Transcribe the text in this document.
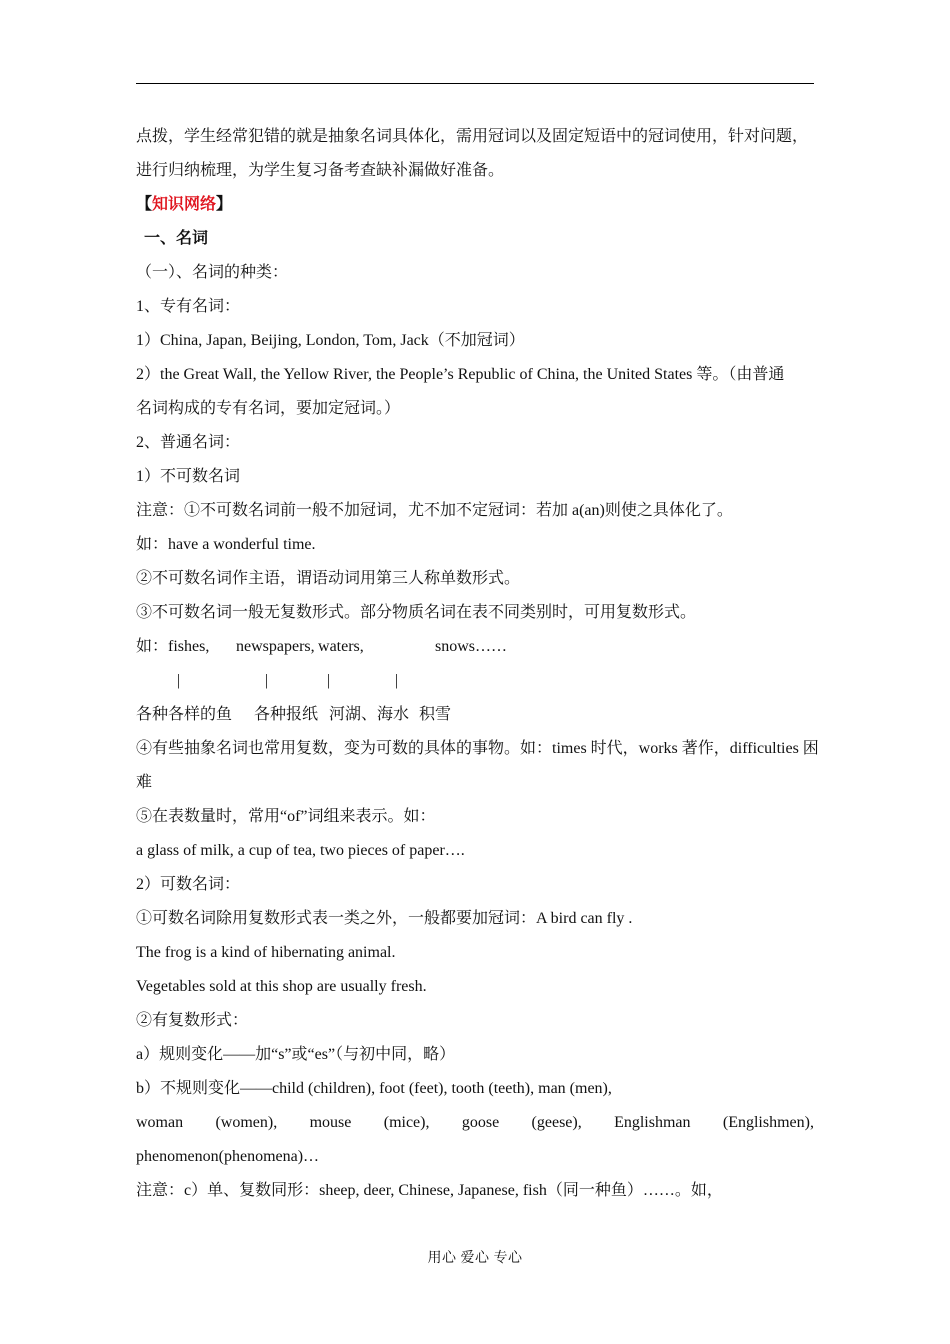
点拨，学生经常犯错的就是抽象名词具体化，需用冠词以及固定短语中的冠词使用，针对问题，

进行归纳梳理，为学生复习备考查缺补漏做好准备。

【知识网络】

一、名词

（一）、名词的种类：

1、专有名词：

1）China, Japan, Beijing, London, Tom, Jack（不加冠词）

2）the Great Wall, the Yellow River, the People’s Republic of China, the United States 等。（由普通

名词构成的专有名词，要加定冠词。）

2、普通名词：

1）不可数名词

注意：①不可数名词前一般不加冠词，尤不加不定冠词：若加 a(an)则使之具体化了。

如：have a wonderful time.

②不可数名词作主语，谓语动词用第三人称单数形式。

③不可数名词一般无复数形式。部分物质名词在表不同类别时，可用复数形式。

如： fishes,	newspapers, waters,	snows……
|	|	|	|
各种各样的鱼	各种报纸 河湖、海水 积雪

④有些抽象名词也常用复数，变为可数的具体的事物。如：times 时代，works 著作，difficulties 困

难

⑤在表数量时，常用“of”词组来表示。如：

a glass of milk, a cup of tea, two pieces of paper….

2）可数名词：

①可数名词除用复数形式表一类之外，一般都要加冠词：A bird can fly .

The frog is a kind of hibernating animal.

Vegetables sold at this shop are usually fresh.

②有复数形式：

a）规则变化——加“s”或“es”（与初中同，略）

b）不规则变化——child (children), foot (feet), tooth (teeth), man (men),

woman (women), mouse (mice), goose (geese), Englishman (Englishmen),

phenomenon(phenomena)…

注意：c）单、复数同形：sheep, deer, Chinese, Japanese, fish（同一种鱼）……。如，

用心 爱心 专心
